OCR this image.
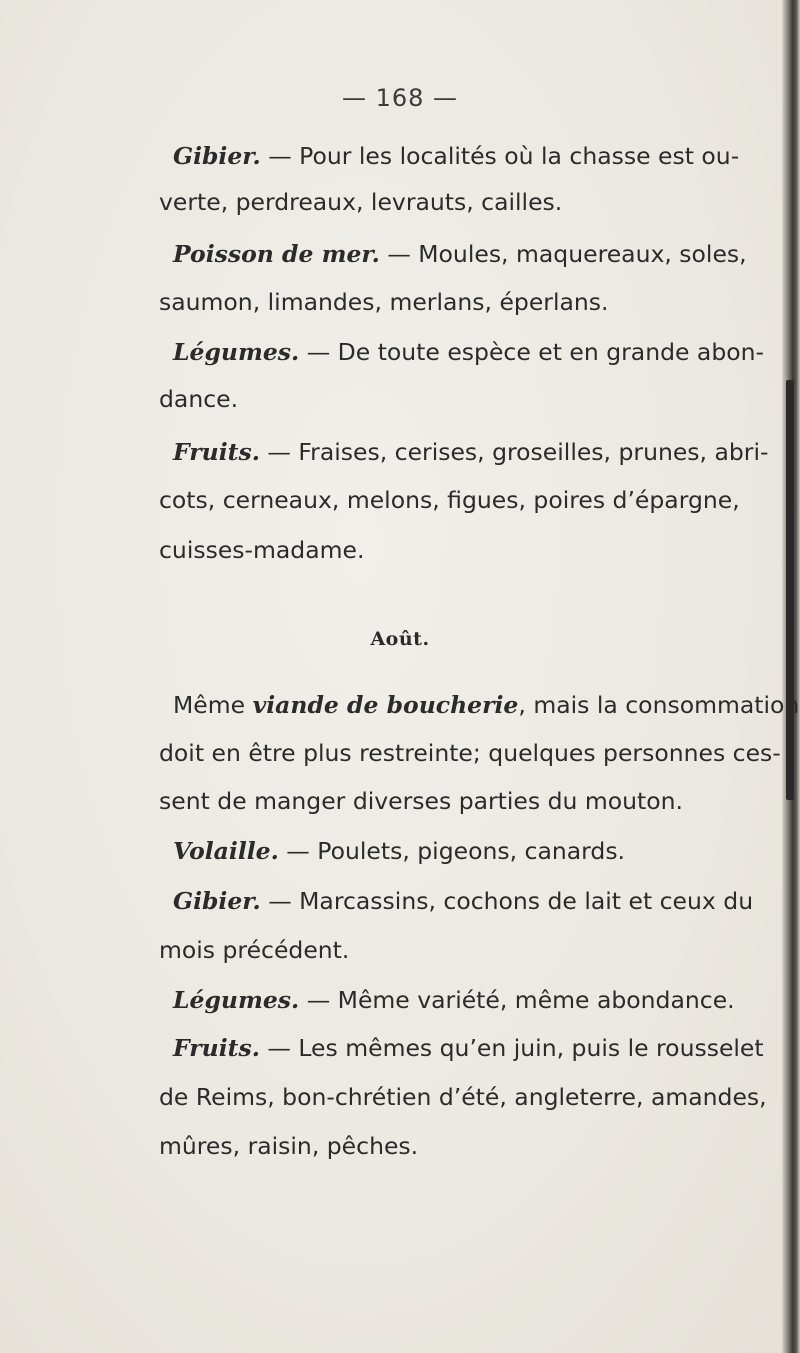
— 168 —
Gibier. — Pour les localités où la chasse est ou-
verte, perdreaux, levrauts, cailles.
Poisson de mer. — Moules, maquereaux, soles,
saumon, limandes, merlans, éperlans.
Légumes. — De toute espèce et en grande abon-
dance.
Fruits. — Fraises, cerises, groseilles, prunes, abri-
cots, cerneaux, melons, figues, poires d’épargne,
cuisses-madame.
Août.
Même viande de boucherie, mais la consommation
doit en être plus restreinte; quelques personnes ces-
sent de manger diverses parties du mouton.
Volaille. — Poulets, pigeons, canards.
Gibier. — Marcassins, cochons de lait et ceux du
mois précédent.
Légumes. — Même variété, même abondance.
Fruits. — Les mêmes qu’en juin, puis le rousselet
de Reims, bon-chrétien d’été, angleterre, amandes,
mûres, raisin, pêches.
